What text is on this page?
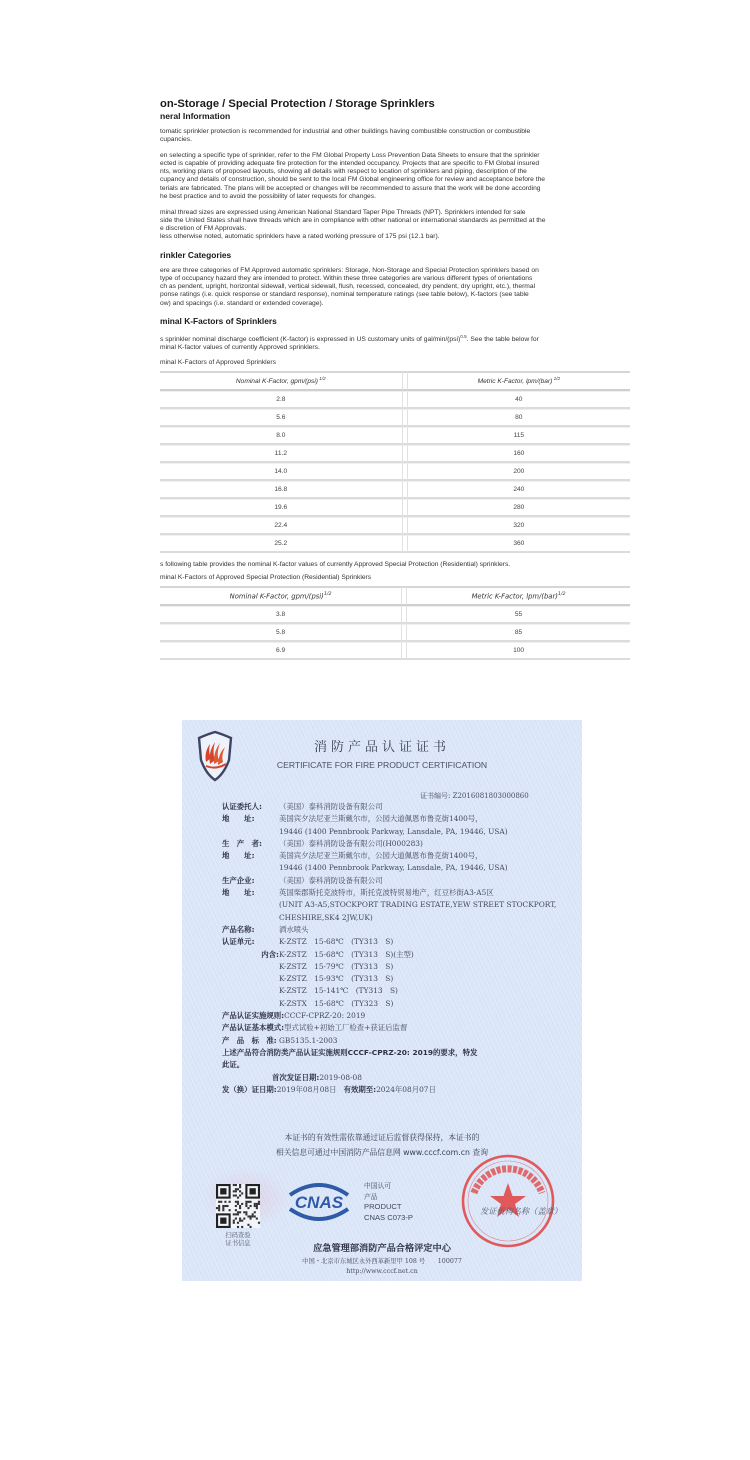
on-Storage / Special Protection / Storage Sprinklers
neral Information

tomatic sprinkler protection is recommended for industrial and other buildings having combustible construction or combustible

cupancies.

en selecting a specific type of sprinkler, refer to the FM Global Property Loss Prevention Data Sheets to ensure that the sprinkler

ected is capable of providing adequate fire protection for the intended occupancy. Projects that are specific to FM Global insured

nts, working plans of proposed layouts, showing all details with respect to location of sprinklers and piping, description of the

cupancy and details of construction, should be sent to the local FM Global engineering office for review and acceptance before the

terials are fabricated. The plans will be accepted or changes will be recommended to assure that the work will be done according

he best practice and to avoid the possibility of later requests for changes.

minal thread sizes are expressed using American National Standard Taper Pipe Threads (NPT). Sprinklers intended for sale

side the United States shall have threads which are in compliance with other national or international standards as permitted at the

e discretion of FM Approvals.

less otherwise noted, automatic sprinklers have a rated working pressure of 175 psi (12.1 bar).

rinkler Categories

ere are three categories of FM Approved automatic sprinklers: Storage, Non-Storage and Special Protection sprinklers based on

type of occupancy hazard they are intended to protect. Within these three categories are various different types of orientations

ch as pendent, upright, horizontal sidewall, vertical sidewall, flush, recessed, concealed, dry pendent, dry upright, etc.), thermal

ponse ratings (i.e. quick response or standard response), nominal temperature ratings (see table below), K-factors (see table

ow) and spacings (i.e. standard or extended coverage).

minal K-Factors of Sprinklers

s sprinkler nominal discharge coefficient (K-factor) is expressed in US customary units of gal/min/(psi)$^{0.5}$. See the table below for

minal K-factor values of currently Approved sprinklers.

minal K-Factors of Approved Sprinklers

Nominal K-Factor, gpm/(psi) $^{1/2}$		Metric K-Factor, lpm/(bar) $^{1/2}$
2.8		40
5.6		80
8.0		115
11.2		160
14.0		200
16.8		240
19.6		280
22.4		320
25.2		360

s following table provides the nominal K-factor values of currently Approved Special Protection (Residential) sprinklers.

minal K-Factors of Approved Special Protection (Residential) Sprinklers

Nominal K-Factor, gpm/(psi)$^{1/2}$		Metric K-Factor, lpm/(bar)$^{1/2}$
3.8		55
5.8		85
6.9		100
消防产品认证证书
CERTIFICATE FOR FIRE PRODUCT CERTIFICATION
证书编号: Z2016081803000860
认证委托人:	（美国）泰科消防设备有限公司
地　　址:	美国宾夕法尼亚兰斯戴尔市，公园大道佩恩布鲁克街1400号，
19446 (1400 Pennbrook Parkway, Lansdale, PA, 19446, USA)
生　产　者:	（美国）泰科消防设备有限公司(H000283)
地　　址:	美国宾夕法尼亚兰斯戴尔市，公园大道佩恩布鲁克街1400号，
19446 (1400 Pennbrook Parkway, Lansdale, PA, 19446, USA)
生产企业:	（美国）泰科消防设备有限公司
地　　址:	英国柴郡斯托克波特市，斯托克波特贸易地产，红豆杉街A3-A5区
(UNIT A3-A5,STOCKPORT TRADING ESTATE,YEW STREET STOCKPORT,
CHESHIRE,SK4 2JW,UK)
产品名称:	洒水喷头
认证单元:	K-ZSTZ　15-68℃　(TY313　S)
内含: K-ZSTZ　15-68℃　(TY313　S)(主型)
K-ZSTZ　15-79℃　(TY313　S)
K-ZSTZ　15-93℃　(TY313　S)
K-ZSTZ　15-141℃　(TY313　S)
K-ZSTX　15-68℃　(TY323　S)
产品认证实施规则: CCCF-CPRZ-20: 2019
产品认证基本模式: 型式试验+初始工厂检查+获证后监督
产　品　标　准: GB5135.1-2003
上述产品符合消防类产品认证实施规则CCCF-CPRZ-20: 2019的要求，特发
此证。
首次发证日期: 2019-08-08
发（换）证日期: 2019年08月08日
有效期至: 2024年08月07日
本证书的有效性需依靠通过证后监督获得保持，本证书的
相关信息可通过中国消防产品信息网 www.cccf.com.cn 查询
扫码查验
证书信息
CNAS
中国认可
产品
PRODUCT
CNAS C073-P
发证机构名称（盖章）
应急管理部消防产品合格评定中心
中国・北京市东城区永外西革新里甲 108 号　　100077
http://www.cccf.net.cn
